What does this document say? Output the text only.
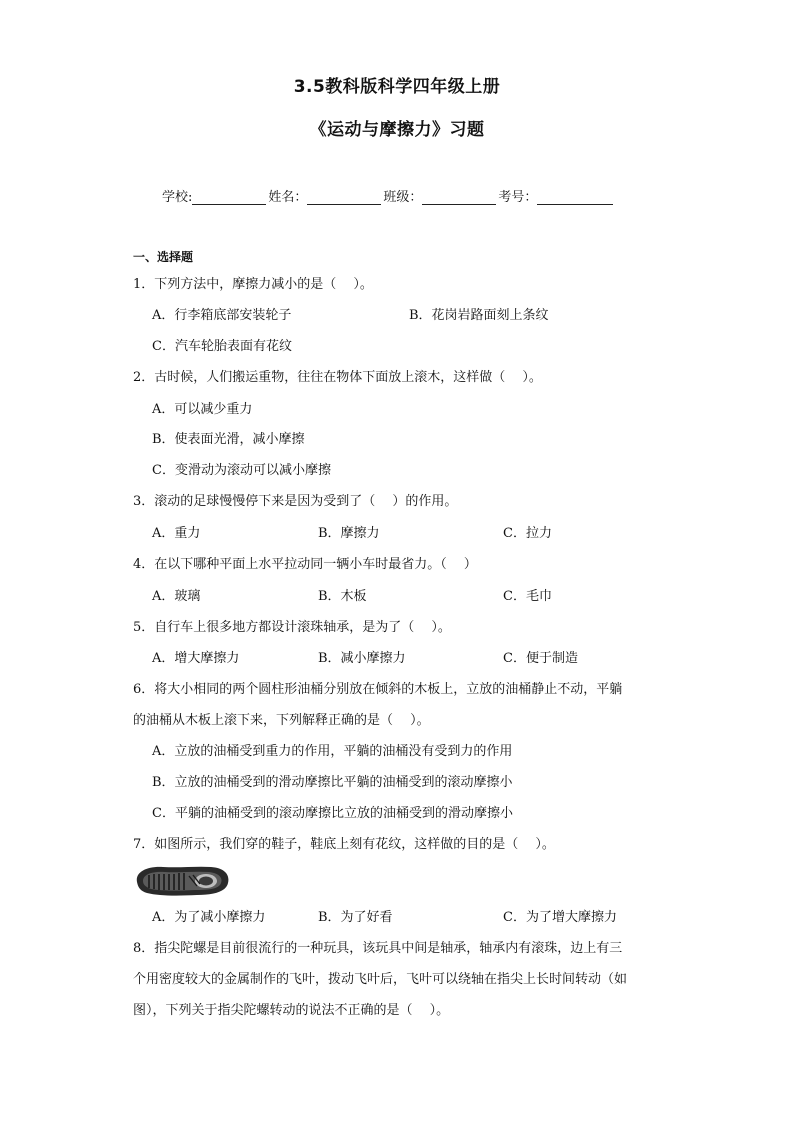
3.5教科版科学四年级上册
《运动与摩擦力》习题
学校:	姓名：	班级：	考号：
一、选择题
1．下列方法中，摩擦力减小的是（　 ）。
A．行李箱底部安装轮子	B．花岗岩路面刻上条纹
C．汽车轮胎表面有花纹
2．古时候，人们搬运重物，往往在物体下面放上滚木，这样做（　 ）。
A．可以减少重力
B．使表面光滑，减小摩擦
C．变滑动为滚动可以减小摩擦
3．滚动的足球慢慢停下来是因为受到了（　 ）的作用。
A．重力	B．摩擦力	C．拉力
4．在以下哪种平面上水平拉动同一辆小车时最省力。（　 ）
A．玻璃	B．木板	C．毛巾
5．自行车上很多地方都设计滚珠轴承，是为了（　 ）。
A．增大摩擦力	B．减小摩擦力	C．便于制造
6．将大小相同的两个圆柱形油桶分别放在倾斜的木板上，立放的油桶静止不动，平躺
的油桶从木板上滚下来，下列解释正确的是（　 ）。
A．立放的油桶受到重力的作用，平躺的油桶没有受到力的作用
B．立放的油桶受到的滑动摩擦比平躺的油桶受到的滚动摩擦小
C．平躺的油桶受到的滚动摩擦比立放的油桶受到的滑动摩擦小
7．如图所示，我们穿的鞋子，鞋底上刻有花纹，这样做的目的是（　 ）。
A．为了减小摩擦力	B．为了好看	C．为了增大摩擦力
8．指尖陀螺是目前很流行的一种玩具，该玩具中间是轴承，轴承内有滚珠，边上有三
个用密度较大的金属制作的飞叶，拨动飞叶后，飞叶可以绕轴在指尖上长时间转动（如
图），下列关于指尖陀螺转动的说法不正确的是（　 ）。
